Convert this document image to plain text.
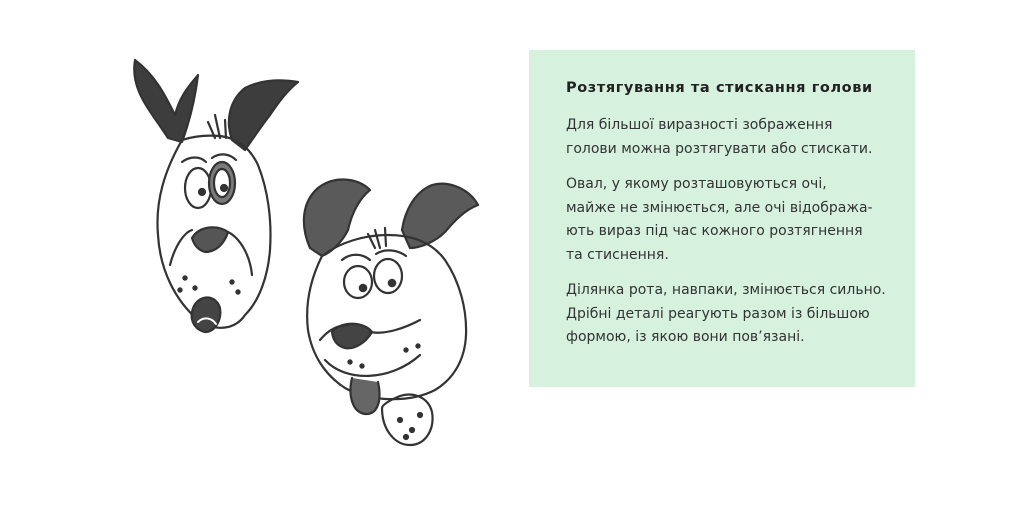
Розтягування та стискання голови

Для більшої виразності зображення
голови можна розтягувати або стискати.

Овал, у якому розташовуються очі,
майже не змінюється, але очі відобража-
ють вираз під час кожного розтягнення
та стиснення.

Ділянка рота, навпаки, змінюється сильно.
Дрібні деталі реагують разом із більшою
формою, із якою вони пов’язані.
